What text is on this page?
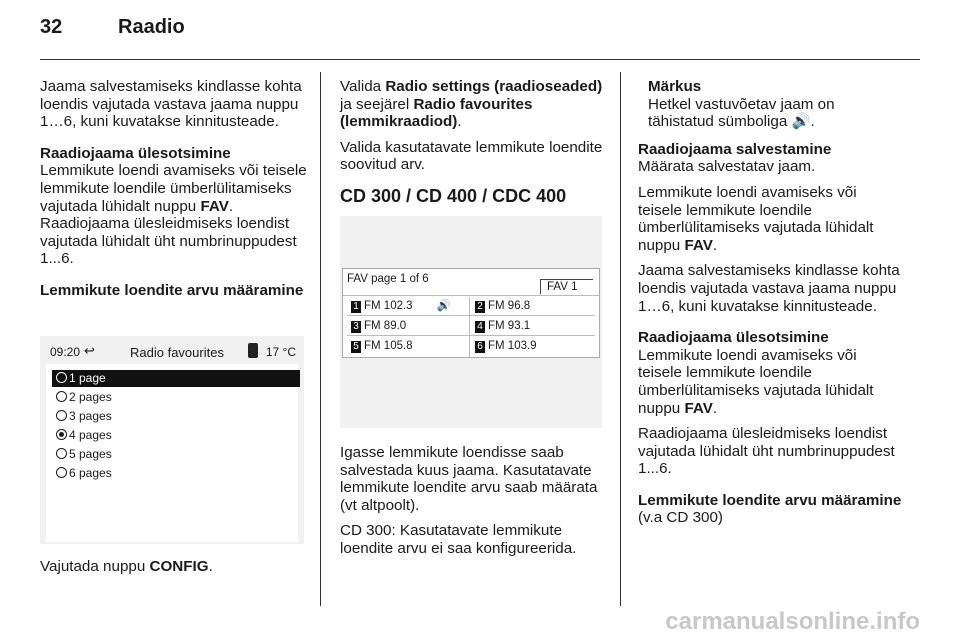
32	Raadio

Jaama salvestamiseks kindlasse kohta loendis vajutada vastava jaama nuppu 1…6, kuni kuvatakse kinnitusteade.

Raadiojaama ülesotsimine
Lemmikute loendi avamiseks või teisele lemmikute loendile ümberlülitamiseks vajutada lühidalt nuppu FAV. Raadiojaama ülesleidmiseks loendist vajutada lühidalt üht numbrinuppudest 1...6.

Lemmikute loendite arvu määramine

09:20 ↩	Radio favourites	17 °C
1 page
2 pages
3 pages
4 pages
5 pages
6 pages

Vajutada nuppu CONFIG.

Valida Radio settings (raadioseaded) ja seejärel Radio favourites (lemmikraadiod).

Valida kasutatavate lemmikute loendite soovitud arv.

CD 300 / CD 400 / CDC 400
FAV page 1 of 6
FAV 1
1 FM 102.3 🔊	2 FM 96.8
3 FM 89.0	4 FM 93.1
5 FM 105.8	6 FM 103.9

Igasse lemmikute loendisse saab salvestada kuus jaama. Kasutatavate lemmikute loendite arvu saab määrata (vt altpoolt).

CD 300: Kasutatavate lemmikute loendite arvu ei saa konfigureerida.

Märkus
Hetkel vastuvõetav jaam on tähistatud sümboliga 🔊.

Raadiojaama salvestamine
Määrata salvestatav jaam.

Lemmikute loendi avamiseks või teisele lemmikute loendile ümberlülitamiseks vajutada lühidalt nuppu FAV.

Jaama salvestamiseks kindlasse kohta loendis vajutada vastava jaama nuppu 1…6, kuni kuvatakse kinnitusteade.

Raadiojaama ülesotsimine
Lemmikute loendi avamiseks või teisele lemmikute loendile ümberlülitamiseks vajutada lühidalt nuppu FAV.

Raadiojaama ülesleidmiseks loendist vajutada lühidalt üht numbrinuppudest 1...6.

Lemmikute loendite arvu määramine
(v.a CD 300)

carmanualsonline.info
